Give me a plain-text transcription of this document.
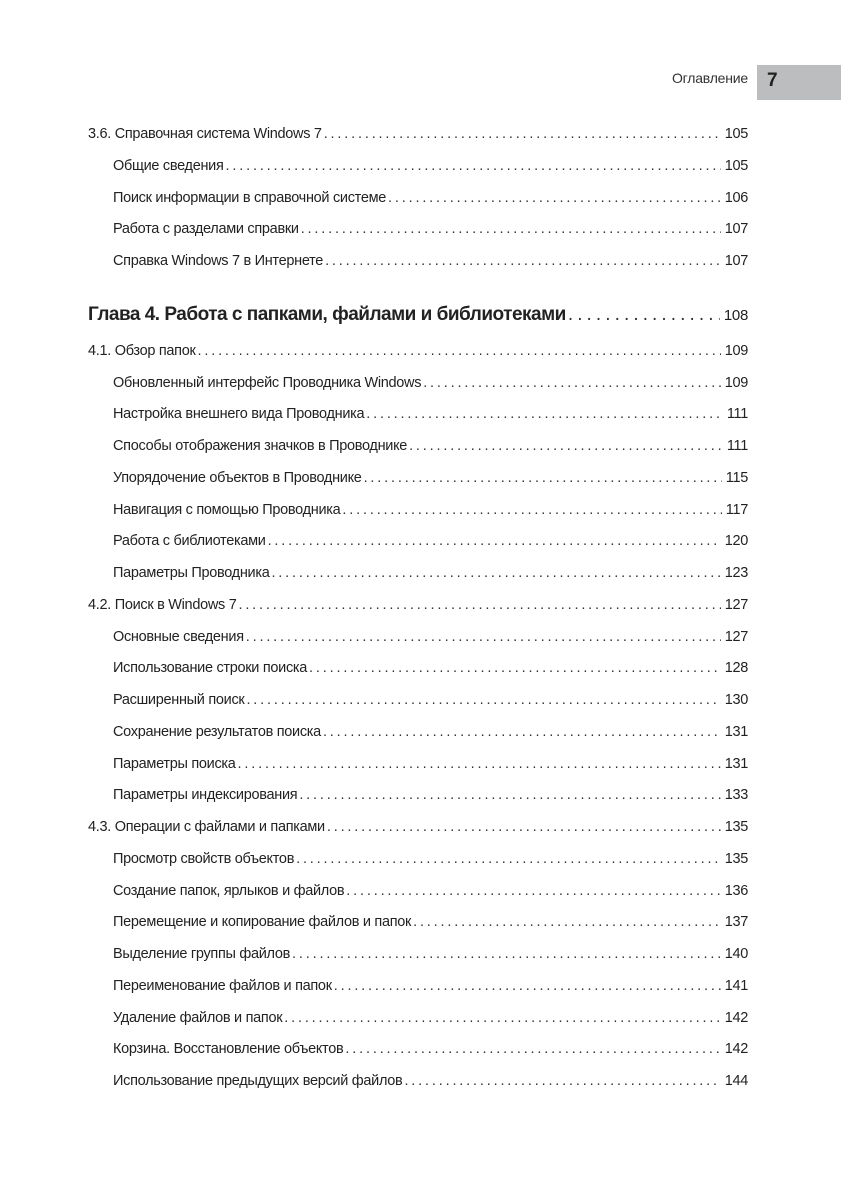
Оглавление 7
3.6. Справочная система Windows 7 . . .	105
Общие сведения . . .	105
Поиск информации в справочной системе . . .	106
Работа с разделами справки . . .	107
Справка Windows 7 в Интернете . . .	107
Глава 4. Работа с папками, файлами и библиотеками . . .	108
4.1. Обзор папок . . .	109
Обновленный интерфейс Проводника Windows . . .	109
Настройка внешнего вида Проводника . . .	111
Способы отображения значков в Проводнике . . .	111
Упорядочение объектов в Проводнике . . .	115
Навигация с помощью Проводника . . .	117
Работа с библиотеками . . .	120
Параметры Проводника . . .	123
4.2. Поиск в Windows 7 . . .	127
Основные сведения . . .	127
Использование строки поиска . . .	128
Расширенный поиск . . .	130
Сохранение результатов поиска . . .	131
Параметры поиска . . .	131
Параметры индексирования . . .	133
4.3. Операции с файлами и папками . . .	135
Просмотр свойств объектов . . .	135
Создание папок, ярлыков и файлов . . .	136
Перемещение и копирование файлов и папок . . .	137
Выделение группы файлов . . .	140
Переименование файлов и папок . . .	141
Удаление файлов и папок . . .	142
Корзина. Восстановление объектов . . .	142
Использование предыдущих версий файлов . . .	144
